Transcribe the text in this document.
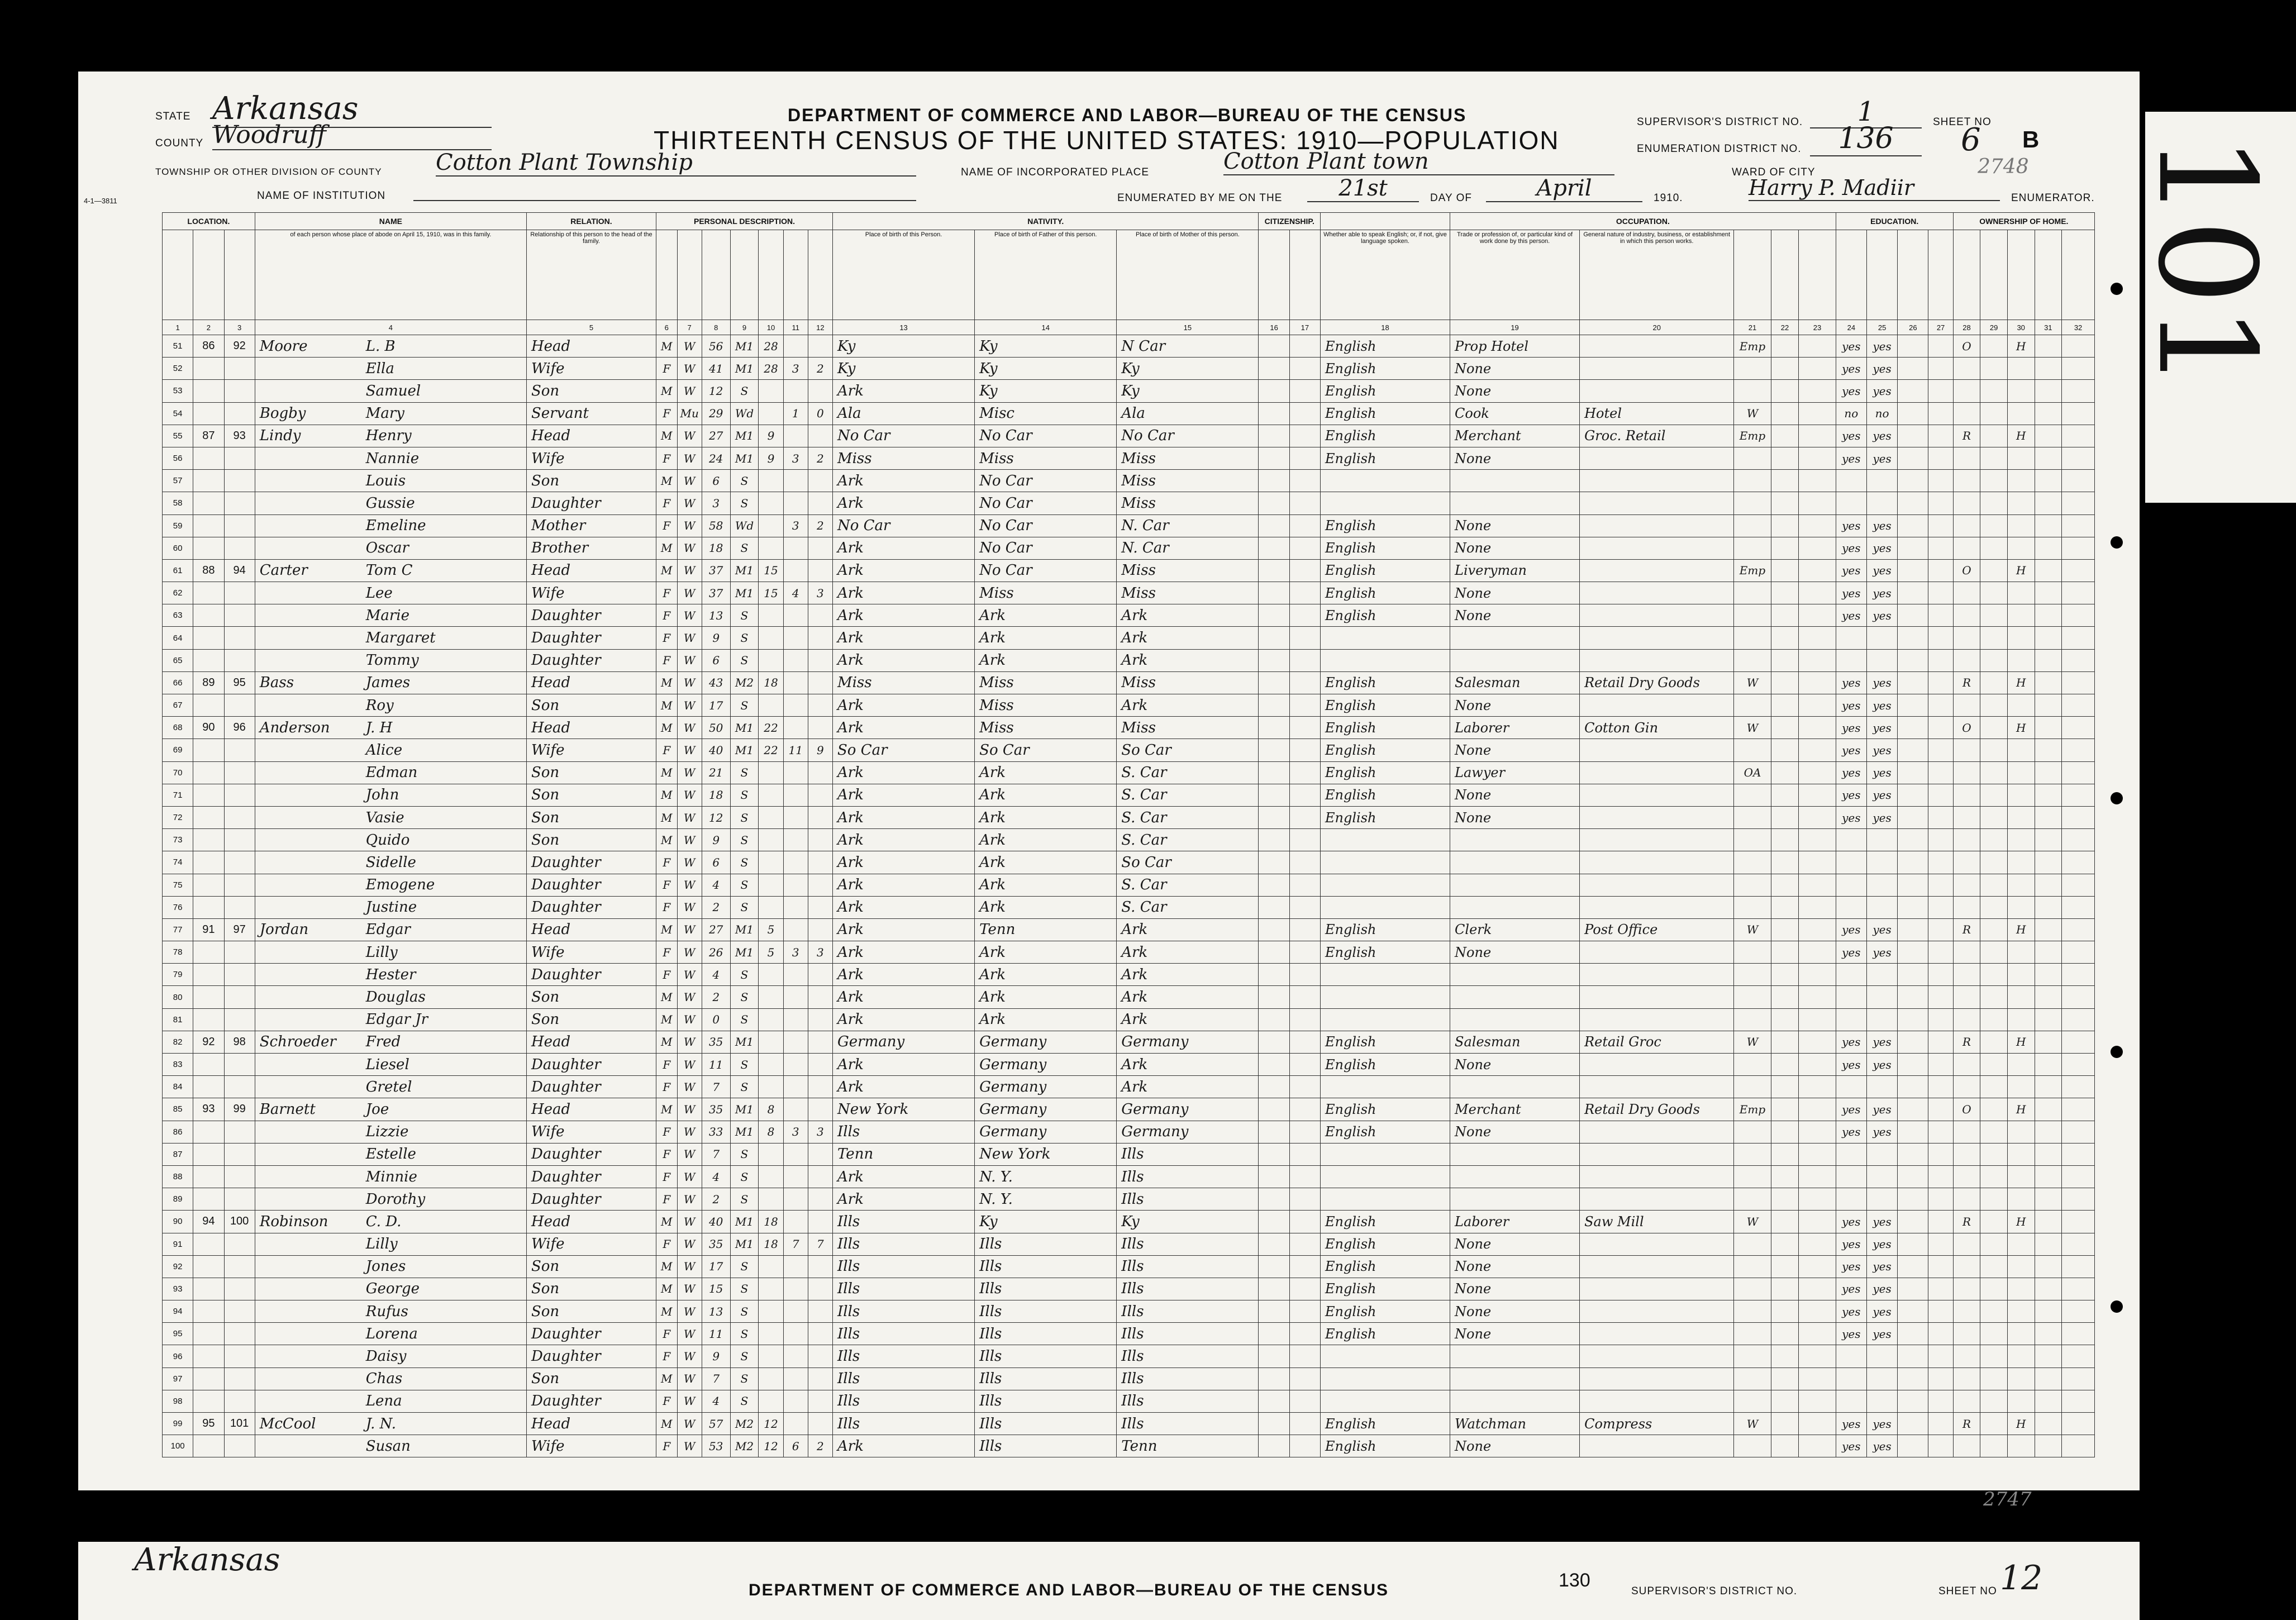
STATE Arkansas
COUNTY Woodruff
TOWNSHIP OR OTHER DIVISION OF COUNTY Cotton Plant Township
NAME OF INSTITUTION
4-1—3811
DEPARTMENT OF COMMERCE AND LABOR—BUREAU OF THE CENSUS
THIRTEENTH CENSUS OF THE UNITED STATES: 1910—POPULATION
NAME OF INCORPORATED PLACE	Cotton Plant town
ENUMERATED BY ME ON THE	21st	DAY OF	April	1910.
SUPERVISOR'S DISTRICT NO.	1	SHEET NO
ENUMERATION DISTRICT NO.	136	6 B
WARD OF CITY	2748
Harry P. Madiir	ENUMERATOR.
LOCATION.			NAME	RELATION.	PERSONAL DESCRIPTION.							NATIVITY.			CITIZENSHIP.			OCCUPATION.					EDUCATION.				OWNERSHIP OF HOME.				
			of each person whose place of abode on April 15, 1910, was in this family.	Relationship of this person to the head of the family.								Place of birth of this Person.	Place of birth of Father of this person.	Place of birth of Mother of this person.			Whether able to speak English; or, if not, give language spoken.	Trade or profession of, or particular kind of work done by this person.	General nature of industry, business, or establishment in which this person works.												
1	2	3	4	5	6	7	8	9	10	11	12	13	14	15	16	17	18	19	20	21	22	23	24	25	26	27	28	29	30	31	32
51	86	92	Moore L. B	Head	M	W	56	M1	28			Ky	Ky	N Car			English	Prop Hotel		Emp			yes	yes			O		H		
52			Ella	Wife	F	W	41	M1	28	3	2	Ky	Ky	Ky			English	None					yes	yes							
53			Samuel	Son	M	W	12	S				Ark	Ky	Ky			English	None					yes	yes							
54			Bogby Mary	Servant	F	Mu	29	Wd		1	0	Ala	Misc	Ala			English	Cook	Hotel	W			no	no							
55	87	93	Lindy Henry	Head	M	W	27	M1	9			No Car	No Car	No Car			English	Merchant	Groc. Retail	Emp			yes	yes			R		H		
56			Nannie	Wife	F	W	24	M1	9	3	2	Miss	Miss	Miss			English	None					yes	yes							
57			Louis	Son	M	W	6	S				Ark	No Car	Miss																	
58			Gussie	Daughter	F	W	3	S				Ark	No Car	Miss																	
59			Emeline	Mother	F	W	58	Wd		3	2	No Car	No Car	N. Car			English	None					yes	yes							
60			Oscar	Brother	M	W	18	S				Ark	No Car	N. Car			English	None					yes	yes							
61	88	94	Carter Tom C	Head	M	W	37	M1	15			Ark	No Car	Miss			English	Liveryman		Emp			yes	yes			O		H		
62			Lee	Wife	F	W	37	M1	15	4	3	Ark	Miss	Miss			English	None					yes	yes							
63			Marie	Daughter	F	W	13	S				Ark	Ark	Ark			English	None					yes	yes							
64			Margaret	Daughter	F	W	9	S				Ark	Ark	Ark																	
65			Tommy	Daughter	F	W	6	S				Ark	Ark	Ark																	
66	89	95	Bass James	Head	M	W	43	M2	18			Miss	Miss	Miss			English	Salesman	Retail Dry Goods	W			yes	yes			R		H		
67			Roy	Son	M	W	17	S				Ark	Miss	Ark			English	None					yes	yes							
68	90	96	Anderson J. H	Head	M	W	50	M1	22			Ark	Miss	Miss			English	Laborer	Cotton Gin	W			yes	yes			O		H		
69			Alice	Wife	F	W	40	M1	22	11	9	So Car	So Car	So Car			English	None					yes	yes							
70			Edman	Son	M	W	21	S				Ark	Ark	S. Car			English	Lawyer		OA			yes	yes							
71			John	Son	M	W	18	S				Ark	Ark	S. Car			English	None					yes	yes							
72			Vasie	Son	M	W	12	S				Ark	Ark	S. Car			English	None					yes	yes							
73			Quido	Son	M	W	9	S				Ark	Ark	S. Car																	
74			Sidelle	Daughter	F	W	6	S				Ark	Ark	So Car																	
75			Emogene	Daughter	F	W	4	S				Ark	Ark	S. Car																	
76			Justine	Daughter	F	W	2	S				Ark	Ark	S. Car																	
77	91	97	Jordan Edgar	Head	M	W	27	M1	5			Ark	Tenn	Ark			English	Clerk	Post Office	W			yes	yes			R		H		
78			Lilly	Wife	F	W	26	M1	5	3	3	Ark	Ark	Ark			English	None					yes	yes							
79			Hester	Daughter	F	W	4	S				Ark	Ark	Ark																	
80			Douglas	Son	M	W	2	S				Ark	Ark	Ark																	
81			Edgar Jr	Son	M	W	0	S				Ark	Ark	Ark																	
82	92	98	Schroeder Fred	Head	M	W	35	M1				Germany	Germany	Germany			English	Salesman	Retail Groc	W			yes	yes			R		H		
83			Liesel	Daughter	F	W	11	S				Ark	Germany	Ark			English	None					yes	yes							
84			Gretel	Daughter	F	W	7	S				Ark	Germany	Ark																	
85	93	99	Barnett Joe	Head	M	W	35	M1	8			New York	Germany	Germany			English	Merchant	Retail Dry Goods	Emp			yes	yes			O		H		
86			Lizzie	Wife	F	W	33	M1	8	3	3	Ills	Germany	Germany			English	None					yes	yes							
87			Estelle	Daughter	F	W	7	S				Tenn	New York	Ills																	
88			Minnie	Daughter	F	W	4	S				Ark	N. Y.	Ills																	
89			Dorothy	Daughter	F	W	2	S				Ark	N. Y.	Ills																	
90	94	100	Robinson C. D.	Head	M	W	40	M1	18			Ills	Ky	Ky			English	Laborer	Saw Mill	W			yes	yes			R		H		
91			Lilly	Wife	F	W	35	M1	18	7	7	Ills	Ills	Ills			English	None					yes	yes							
92			Jones	Son	M	W	17	S				Ills	Ills	Ills			English	None					yes	yes							
93			George	Son	M	W	15	S				Ills	Ills	Ills			English	None					yes	yes							
94			Rufus	Son	M	W	13	S				Ills	Ills	Ills			English	None					yes	yes							
95			Lorena	Daughter	F	W	11	S				Ills	Ills	Ills			English	None					yes	yes							
96			Daisy	Daughter	F	W	9	S				Ills	Ills	Ills																	
97			Chas	Son	M	W	7	S				Ills	Ills	Ills																	
98			Lena	Daughter	F	W	4	S				Ills	Ills	Ills																	
99	95	101	McCool J. N.	Head	M	W	57	M2	12			Ills	Ills	Ills			English	Watchman	Compress	W			yes	yes			R		H		
100			Susan	Wife	F	W	53	M2	12	6	2	Ark	Ills	Tenn			English	None					yes	yes							
2747
101
Arkansas
DEPARTMENT OF COMMERCE AND LABOR—BUREAU OF THE CENSUS	130
SUPERVISOR'S DISTRICT NO.	SHEET NO 12
